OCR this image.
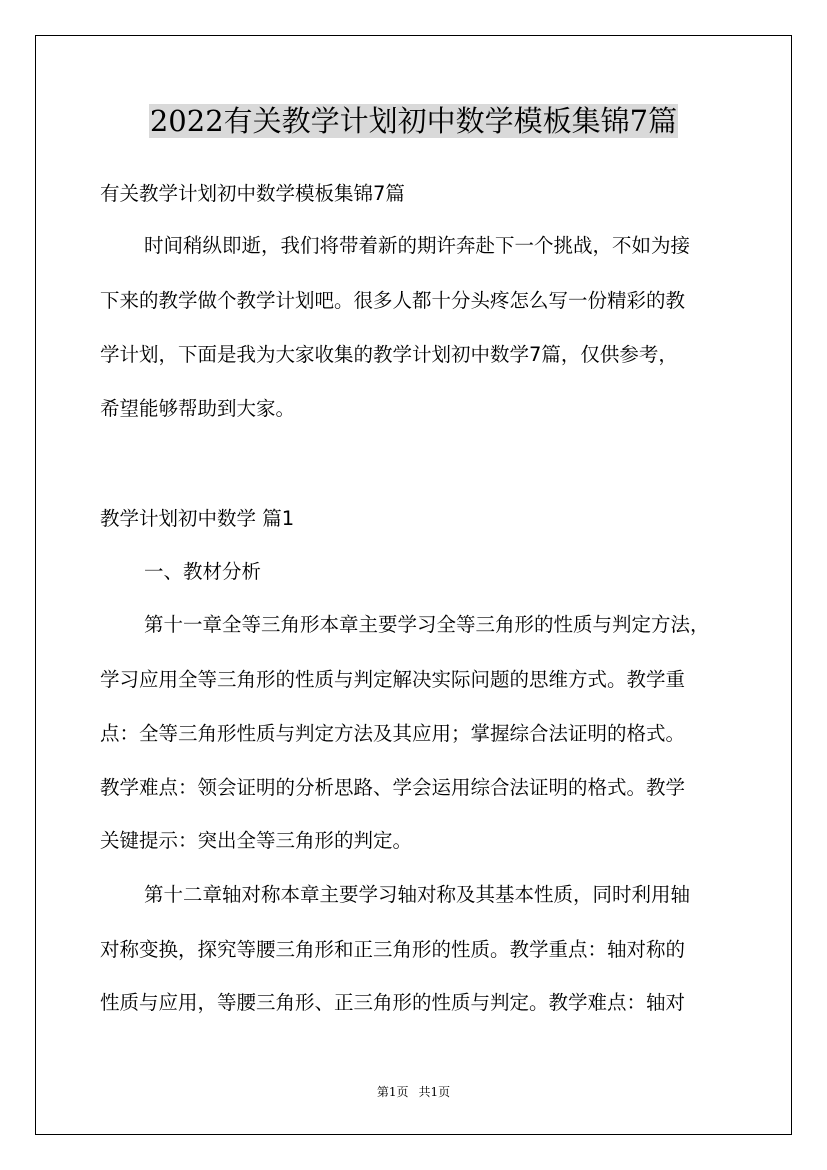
2022有关教学计划初中数学模板集锦7篇
有关教学计划初中数学模板集锦7篇
时间稍纵即逝，我们将带着新的期许奔赴下一个挑战，不如为接
下来的教学做个教学计划吧。很多人都十分头疼怎么写一份精彩的教
学计划，下面是我为大家收集的教学计划初中数学7篇，仅供参考，
希望能够帮助到大家。
教学计划初中数学 篇1
一、教材分析
第十一章全等三角形本章主要学习全等三角形的性质与判定方法，
学习应用全等三角形的性质与判定解决实际问题的思维方式。教学重
点：全等三角形性质与判定方法及其应用；掌握综合法证明的格式。
教学难点：领会证明的分析思路、学会运用综合法证明的格式。教学
关键提示：突出全等三角形的判定。
第十二章轴对称本章主要学习轴对称及其基本性质，同时利用轴
对称变换，探究等腰三角形和正三角形的性质。教学重点：轴对称的
性质与应用，等腰三角形、正三角形的性质与判定。教学难点：轴对
第1页 共1页
